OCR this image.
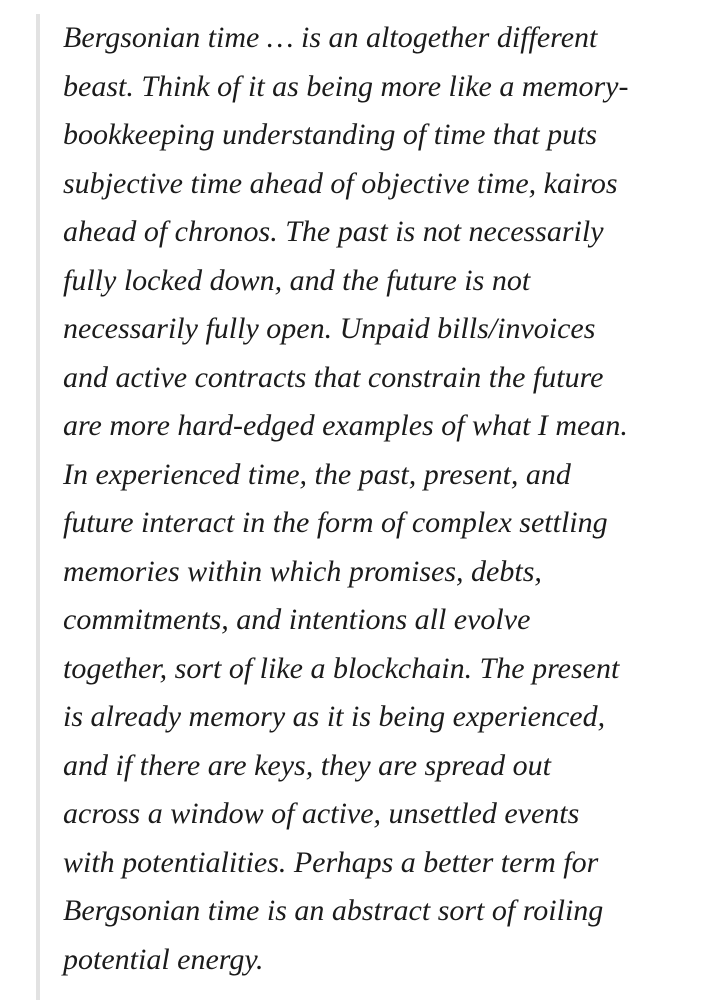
Bergsonian time … is an altogether different
beast. Think of it as being more like a memory-
bookkeeping understanding of time that puts
subjective time ahead of objective time, kairos
ahead of chronos. The past is not necessarily
fully locked down, and the future is not
necessarily fully open. Unpaid bills/invoices
and active contracts that constrain the future
are more hard-edged examples of what I mean.
In experienced time, the past, present, and
future interact in the form of complex settling
memories within which promises, debts,
commitments, and intentions all evolve
together, sort of like a blockchain. The present
is already memory as it is being experienced,
and if there are keys, they are spread out
across a window of active, unsettled events
with potentialities. Perhaps a better term for
Bergsonian time is an abstract sort of roiling
potential energy.
